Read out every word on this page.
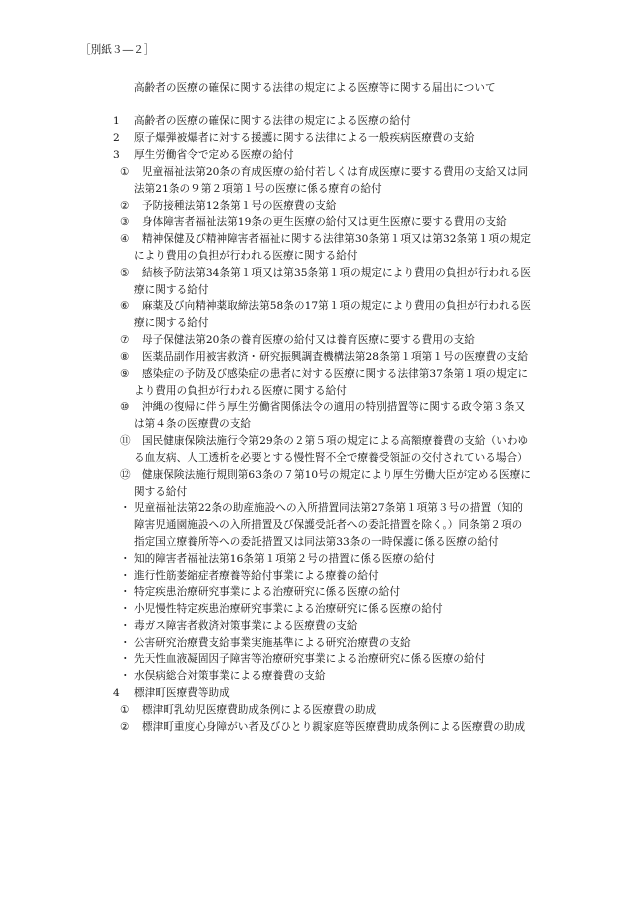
［別紙３―２］
高齢者の医療の確保に関する法律の規定による医療等に関する届出について
1 高齢者の医療の確保に関する法律の規定による医療の給付
2 原子爆弾被爆者に対する援護に関する法律による一般疾病医療費の支給
3 厚生労働省令で定める医療の給付
① 児童福祉法第20条の育成医療の給付若しくは育成医療に要する費用の支給又は同
法第21条の９第２項第１号の医療に係る療育の給付
② 予防接種法第12条第１号の医療費の支給
③ 身体障害者福祉法第19条の更生医療の給付又は更生医療に要する費用の支給
④ 精神保健及び精神障害者福祉に関する法律第30条第１項又は第32条第１項の規定
により費用の負担が行われる医療に関する給付
⑤ 結核予防法第34条第１項又は第35条第１項の規定により費用の負担が行われる医
療に関する給付
⑥ 麻薬及び向精神薬取締法第58条の17第１項の規定により費用の負担が行われる医
療に関する給付
⑦ 母子保健法第20条の養育医療の給付又は養育医療に要する費用の支給
⑧ 医薬品副作用被害救済・研究振興調査機構法第28条第１項第１号の医療費の支給
⑨ 感染症の予防及び感染症の患者に対する医療に関する法律第37条第１項の規定に
より費用の負担が行われる医療に関する給付
⑩ 沖縄の復帰に伴う厚生労働省関係法令の適用の特別措置等に関する政令第３条又
は第４条の医療費の支給
⑪ 国民健康保険法施行令第29条の２第５項の規定による高額療養費の支給（いわゆ
る血友病、人工透析を必要とする慢性腎不全で療養受領証の交付されている場合）
⑫ 健康保険法施行規則第63条の７第10号の規定により厚生労働大臣が定める医療に
関する給付
・ 児童福祉法第22条の助産施設への入所措置同法第27条第１項第３号の措置（知的
障害児通園施設への入所措置及び保護受託者への委託措置を除く。）同条第２項の
指定国立療養所等への委託措置又は同法第33条の一時保護に係る医療の給付
・ 知的障害者福祉法第16条第１項第２号の措置に係る医療の給付
・ 進行性筋萎縮症者療養等給付事業による療養の給付
・ 特定疾患治療研究事業による治療研究に係る医療の給付
・ 小児慢性特定疾患治療研究事業による治療研究に係る医療の給付
・ 毒ガス障害者救済対策事業による医療費の支給
・ 公害研究治療費支給事業実施基準による研究治療費の支給
・ 先天性血液凝固因子障害等治療研究事業による治療研究に係る医療の給付
・ 水俣病総合対策事業による療養費の支給
4 標津町医療費等助成
① 標津町乳幼児医療費助成条例による医療費の助成
② 標津町重度心身障がい者及びひとり親家庭等医療費助成条例による医療費の助成
